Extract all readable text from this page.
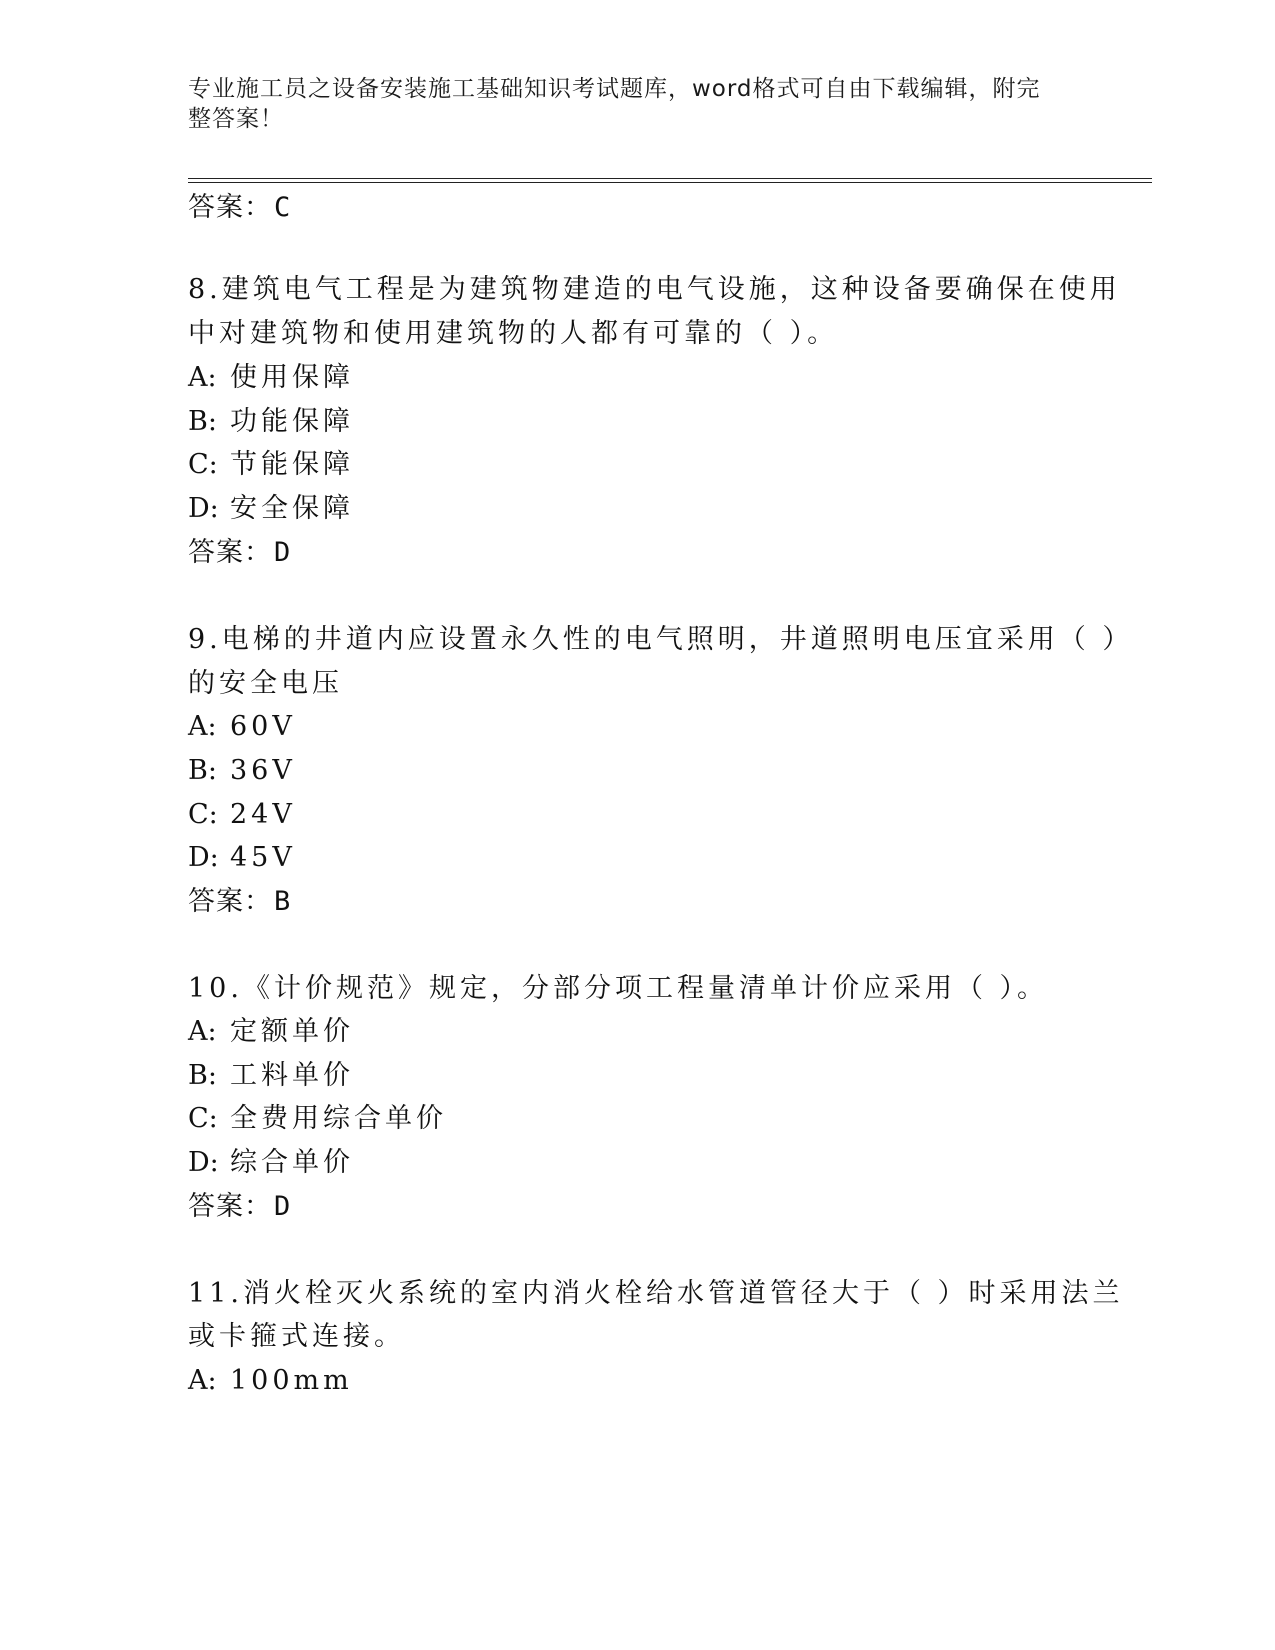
专业施工员之设备安装施工基础知识考试题库，word格式可自由下载编辑，附完
整答案！
答案：C
8.建筑电气工程是为建筑物建造的电气设施，这种设备要确保在使用
中对建筑物和使用建筑物的人都有可靠的（ ）。
A: 使用保障
B: 功能保障
C: 节能保障
D: 安全保障
答案：D
9.电梯的井道内应设置永久性的电气照明，井道照明电压宜采用（ ）
的安全电压
A: 60V
B: 36V
C: 24V
D: 45V
答案：B
10.《计价规范》规定，分部分项工程量清单计价应采用（ ）。
A: 定额单价
B: 工料单价
C: 全费用综合单价
D: 综合单价
答案：D
11.消火栓灭火系统的室内消火栓给水管道管径大于（ ）时采用法兰
或卡箍式连接。
A: 100mm
